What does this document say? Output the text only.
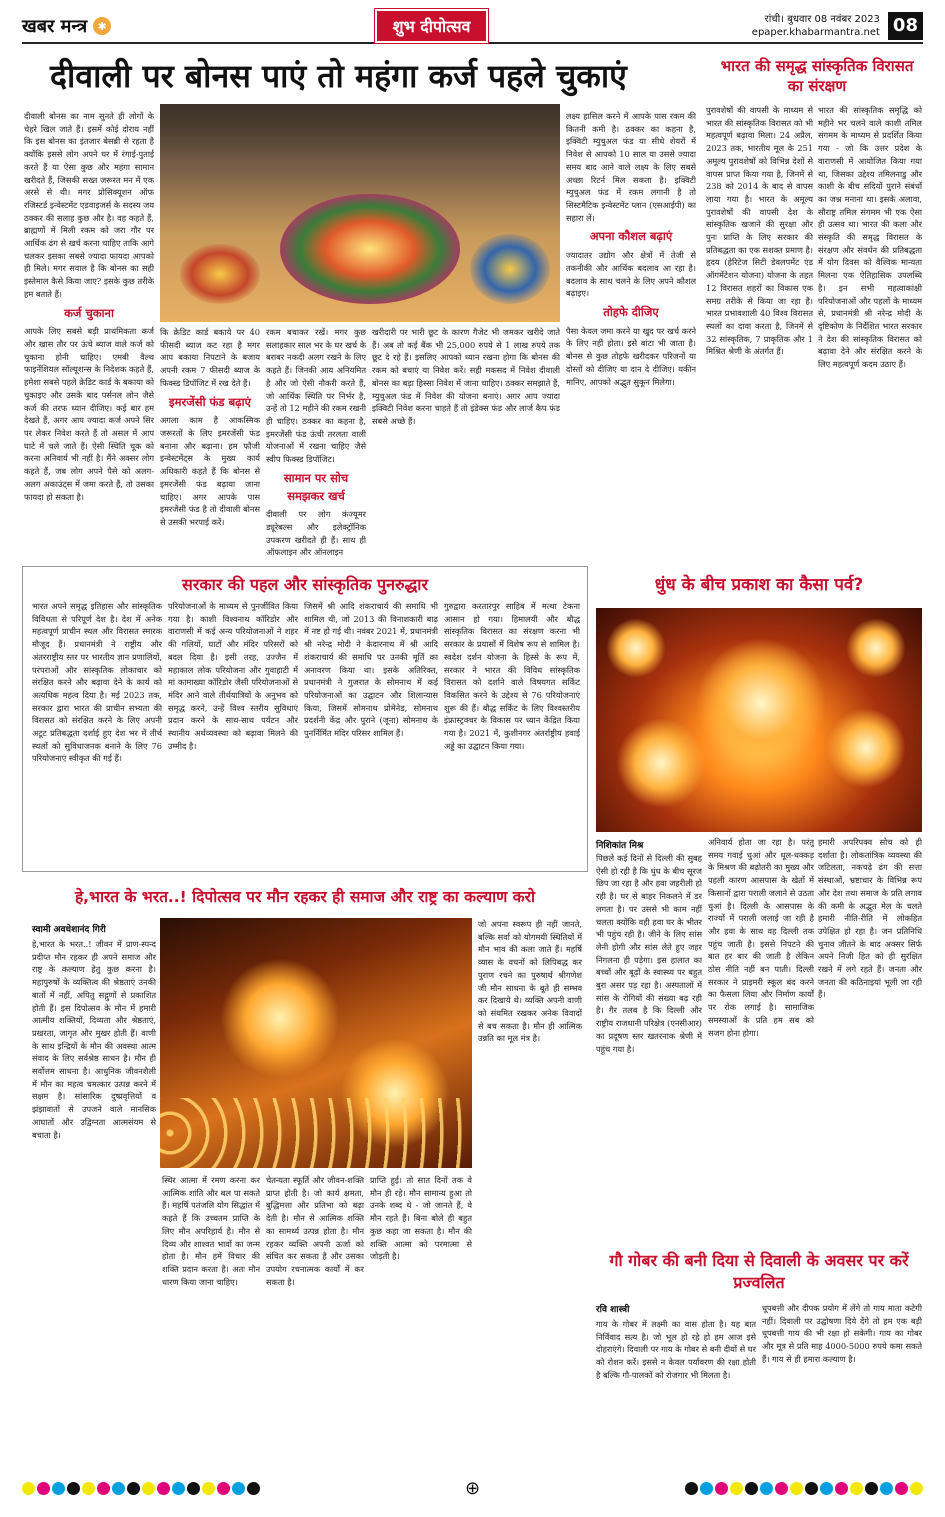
खबर मन्त्र ✱	शुभ दीपोत्सव	रांची। बुधवार 08 नवंबर 2023
epaper.khabarmantra.net 08
दीवाली पर बोनस पाएं तो महंगा कर्ज पहले चुकाएं

दीवाली बोनस का नाम सुनते ही लोगों के चेहरे खिल जाते हैं। इसमें कोई दोराय नहीं कि इस बोनस का इंतजार बेसब्री से रहता है क्योंकि इससे लोग अपने घर में रंगाई-पुताई करते हैं या ऐसा कुछ और महंगा सामान खरीदते हैं, जिसकी सख्त जरूरत मन में एक अरसे से थी। मगर प्रोसिक्यूशन ऑफ रजिस्टर्ड इन्वेस्टमेंट एडवाइजर्स के सदस्य जय ठक्कर की सलाह कुछ और है। वह कहते हैं, ब्राह्मणों में मिली रकम को जरा गौर पर आर्थिक ढंग से खर्च करना चाहिए ताकि आगे चलकर इसका सबसे ज्यादा फायदा आपको ही मिले। मगर सवाल है कि बोनस का सही इस्तेमाल कैसे किया जाए? इसके कुछ तरीके हम बताते हैं।

कर्ज चुकाना

आपके लिए सबसे बड़ी प्राथमिकता कर्ज और खास तौर पर ऊंचे ब्याज वाले कर्ज को चुकाना होनी चाहिए। एमबी वैल्थ फाइनेंशियल सॉल्यूशन्स के निदेशक कहते हैं, हमेशा सबसे पहले क्रेडिट कार्ड के बकाया को चुकाइए और उसके बाद पर्सनल लोन जैसे कर्ज की तरफ ध्यान दीजिए। कई बार हम देखते हैं, अगर आप ज्यादा कर्ज अपने सिर पर लेकर निवेश करते हैं तो असल में आप घाटे में चले जाते हैं। ऐसी स्थिति चूक को करना अनिवार्य भी नहीं है। मैंने अक्सर लोग कहते हैं, जब लोग अपने पैसे को अलग-अलग अकाउंट्स में जमा करते हैं, तो उसका फायदा हो सकता है।

कि क्रेडिट कार्ड बकाये पर 40 फीसदी ब्याज कट रहा है मगर आप बकाया निपटाने के बजाय अपनी रकम 7 फीसदी ब्याज के फिक्स्ड डिपॉजिट में रख देते हैं।

इमरजेंसी फंड बढ़ाएं

अगला काम है आकस्मिक जरूरतों के लिए इमरजेंसी फंड बनाना और बढ़ाना। हम फौजी इन्वेस्टमेंट्स के मुख्य कार्य अधिकारी कहते हैं कि बोनस से इमरजेंसी फंड बढ़ाया जाना चाहिए। अगर आपके पास इमरजेंसी फंड है तो दीवाली बोनस से उसकी भरपाई करें।

रकम बचाकर रखें। मगर कुछ सलाहकार साल भर के घर खर्च के बराबर नकदी अलग रखने के लिए कहते हैं। जिनकी आय अनियमित है और जो ऐसी नौकरी करते हैं, जो आर्थिक स्थिति पर निर्भर है, उन्हें तो 12 महीने की रकम रखनी ही चाहिए। ठक्कर का कहना है, इमरजेंसी फंड ऊंची तरलता वाली योजनाओं में रखना चाहिए जैसे स्वीप फिक्स्ड डिपॉजिट।

सामान पर सोच समझकर खर्च

दीवाली पर लोग कंज्यूमर ड्यूरेबल्स और इलेक्ट्रॉनिक उपकरण खरीदते ही हैं। साथ ही ऑफलाइन और ऑनलाइन

खरीदारी पर भारी छूट के कारण गैजेट भी जमकर खरीदे जाते हैं। अब तो कई बैंक भी 25,000 रुपये से 1 लाख रुपये तक छूट दे रहे हैं। इसलिए आपको ध्यान रखना होगा कि बोनस की रकम को बचाएं या निवेश करें। सही मकसद में निवेश दीवाली बोनस का बड़ा हिस्सा निवेश में जाना चाहिए। ठक्कर समझाते हैं, म्युचुअल फंड में निवेश की योजना बनाएं। अगर आप ज्यादा इक्विटी निवेश करना चाहते हैं तो इंडेक्स फंड और लार्ज कैप फंड सबसे अच्छे हैं।

लक्ष्य हासिल करने में आपके पास रकम की कितनी कमी है। ठक्कर का कहना है, इक्विटी म्युचुअल फंड या सीधे शेयरों में निवेश से आपको 10 साल या उससे ज्यादा समय बाद आने वाले लक्ष्य के लिए सबसे अच्छा रिटर्न मिल सकता है। इक्विटी म्युचुअल फंड में रकम लगानी है तो सिस्टमैटिक इन्वेस्टमेंट प्लान (एसआईपी) का सहारा लें।

अपना कौशल बढ़ाएं

ज्यादातर उद्योग और क्षेत्रों में तेजी से तकनीकी और आर्थिक बदलाव आ रहा है। बदलाव के साथ चलने के लिए अपने कौशल बढ़ाइए।

तोहफे दीजिए

पैसा केवल जमा करने या खुद पर खर्च करने के लिए नहीं होता। इसे बांटा भी जाता है। बोनस से कुछ तोहफे खरीदकर परिजनों या दोस्तों को दीजिए या दान दे दीजिए। यकीन मानिए, आपको अद्भुत सुकून मिलेगा।

भारत की समृद्ध सांस्कृतिक विरासत का संरक्षण

पुरावशेषों की वापसी के माध्यम से भारत की सांस्कृतिक विरासत को भी महत्वपूर्ण बढ़ावा मिला। 24 अप्रैल, 2023 तक, भारतीय मूल के 251 अमूल्य पुरावशेषों को विभिन्न देशों से वापस प्राप्त किया गया है, जिनमें से 238 को 2014 के बाद से वापस लाया गया है। भारत के अमूल्य पुरावशेषों की वापसी देश के सांस्कृतिक खजाने की सुरक्षा और पुनः प्राप्ति के लिए सरकार की प्रतिबद्धता का एक सशक्त प्रमाण है। हृदय (हेरिटेज सिटी डेवलपमेंट एंड ऑगमेंटेशन योजना) योजना के तहत 12 विरासत शहरों का विकास एक समग्र तरीके से किया जा रहा है। भारत प्रभावशाली 40 विश्व विरासत स्थलों का दावा करता है, जिनमें से 32 सांस्कृतिक, 7 प्राकृतिक और 1 मिश्रित श्रेणी के अंतर्गत हैं।

भारत की सांस्कृतिक समृद्धि को महीने भर चलने वाले काशी तमिल संगमम के माध्यम से प्रदर्शित किया गया - जो कि उत्तर प्रदेश के वाराणसी में आयोजित किया गया था, जिसका उद्देश्य तमिलनाडु और काशी के बीच सदियों पुराने संबंधों का जश्न मनाना था। इसके अलावा, सौराष्ट्र तमिल संगमम भी एक ऐसा ही उत्सव था। भारत की कला और संस्कृति की समृद्ध विरासत के संरक्षण और संवर्धन की प्रतिबद्धता में योग दिवस को वैश्विक मान्यता मिलना एक ऐतिहासिक उपलब्धि है। इन सभी महत्वाकांक्षी परियोजनाओं और पहलों के माध्यम से, प्रधानमंत्री श्री नरेन्द्र मोदी के दृष्टिकोण के निर्देशित भारत सरकार ने देश की सांस्कृतिक विरासत को बढ़ावा देने और संरक्षित करने के लिए महत्वपूर्ण कदम उठाए हैं।

सरकार की पहल और सांस्कृतिक पुनरुद्धार

भारत अपने समृद्ध इतिहास और सांस्कृतिक विविधता से परिपूर्ण देश है। देश में अनेक महत्वपूर्ण प्राचीन स्थल और विरासत स्मारक मौजूद हैं। प्रधानमंत्री ने राष्ट्रीय और अंतरराष्ट्रीय स्तर पर भारतीय ज्ञान प्रणालियों, परंपराओं और सांस्कृतिक लोकाचार को संरक्षित करने और बढ़ावा देने के कार्य को अत्यधिक महत्व दिया है। मई 2023 तक, सरकार द्वारा भारत की प्राचीन सभ्यता की विरासत को संरक्षित करने के लिए अपनी अटूट प्रतिबद्धता दर्शाई हुए देश भर में तीर्थ स्थलों को सुविधाजनक बनाने के लिए 76 परियोजनाएं स्वीकृत की गई हैं।

परियोजनाओं के माध्यम से पुनर्जीवित किया गया है। काशी विश्वनाथ कॉरिडोर और वाराणसी में कई अन्य परियोजनाओं ने शहर की गलियों, घाटों और मंदिर परिसरों को बदल दिया है। इसी तरह, उज्जैन में महाकाल लोक परियोजना और गुवाहाटी में मां कामाख्या कॉरिडोर जैसी परियोजनाओं से मंदिर आने वाले तीर्थयात्रियों के अनुभव को समृद्ध करने, उन्हें विश्व स्तरीय सुविधाएं प्रदान करने के साथ-साथ पर्यटन और स्थानीय अर्थव्यवस्था को बढ़ावा मिलने की उम्मीद है।

जिसमें श्री आदि शंकराचार्य की समाधि भी शामिल थी, जो 2013 की विनाशकारी बाढ़ में नष्ट हो गई थी। नवंबर 2021 में, प्रधानमंत्री श्री नरेन्द्र मोदी ने केदारनाथ में श्री आदि शंकराचार्य की समाधि पर उनकी मूर्ति का अनावरण किया था। इसके अतिरिक्त, प्रधानमंत्री ने गुजरात के सोमनाथ में कई परियोजनाओं का उद्घाटन और शिलान्यास किया, जिसमें सोमनाथ प्रोमेनेड, सोमनाथ प्रदर्शनी केंद्र और पुराने (जूना) सोमनाथ के पुनर्निर्मित मंदिर परिसर शामिल हैं।

गुरुद्वारा करतारपुर साहिब में मत्था टेकना आसान हो गया। हिमालयी और बौद्ध सांस्कृतिक विरासत का संरक्षण करना भी सरकार के प्रयासों में विशेष रूप से शामिल है। स्वदेश दर्शन योजना के हिस्से के रूप में, सरकार ने भारत की विविध सांस्कृतिक विरासत को दर्शाने वाले विषयगत सर्किट विकसित करने के उद्देश्य से 76 परियोजनाएं शुरू की हैं। बौद्ध सर्किट के लिए विश्वस्तरीय इंफ्रास्ट्रक्चर के विकास पर ध्यान केंद्रित किया गया है। 2021 में, कुशीनगर अंतर्राष्ट्रीय हवाई अड्डे का उद्घाटन किया गया।

धुंध के बीच प्रकाश का कैसा पर्व?
निशिकांत मिश्र

पिछले कई दिनों से दिल्ली की सुबह ऐसी हो रही है कि धुंध के बीच सूरज छिप जा रहा है और हवा जहरीली हो रही है। घर से बाहर निकलने में डर लगता है। पर उससे भी काम नहीं चलता क्योंकि वही हवा घर के भीतर भी पहुंच रही है। जीने के लिए सांस लेनी होगी और सांस लेते हुए जहर निगलना ही पड़ेगा। इस हालात का बच्चों और बूढ़ों के स्वास्थ्य पर बहुत बुरा असर पड़ रहा है। अस्पतालों में सांस के रोगियों की संख्या बढ़ रही है। गैर तलब है कि दिल्ली और राष्ट्रीय राजधानी परिक्षेत्र (एनसीआर) का प्रदूषण स्तर खतरनाक श्रेणी में पहुंच गया है।

अनिवार्य होता जा रहा है। परंतु समय गवाई धुआं और धूल-धक्कड़ के मिश्रण की बढ़ोतरी का मुख्य और पहली कारण आसपास के खेतों में किसानों द्वारा पराली जलाने से उठता धुआं है। दिल्ली के आसपास के राज्यों में पराली जलाई जा रही है और हवा के साथ वह दिल्ली तक पहुंच जाती है। इससे निपटने की बात हर बार की जाती है लेकिन ठोस नीति नहीं बन पाती। दिल्ली सरकार ने प्राइमरी स्कूल बंद करने का फैसला लिया और निर्माण कार्यों पर रोक लगाई है। सामाजिक समस्याओं के प्रति हम सब को सजग होना होगा।

हमारी अपरिपक्व सोच को ही दर्शाता है। लोकतांत्रिक व्यवस्था की जटिलता, नकचढ़े ढंग की सत्ता संस्थाओं, भ्रष्टाचार के विभिन्न रूप और देश तथा समाज के प्रति लगाव की कमी के अद्भुत मेल के चलते हमारी नीति-रीति में लोकहित उपेक्षित हो रहा है। जन प्रतिनिधि चुनाव जीतने के बाद अक्सर सिर्फ अपने निजी हित को ही सुरक्षित रखने में लगे रहते हैं। जनता और जनता की कठिनाइयां भूली जा रही हैं।

हे,भारत के भरत..! दिपोत्सव पर मौन रहकर ही समाज और राष्ट्र का कल्याण करो
स्वामी अवधेशानंद गिरी

हे,भारत के भरत..! जीवन में प्राण-स्पन्द प्रदीप्त मौन रहकर ही अपने समाज और राष्ट्र के कल्याण हेतु कुछ करना है। महापुरुषों के व्यक्तित्व की श्रेष्ठताएं उनकी बातों में नहीं, अपितु सद्गुणों से प्रकाशित होती हैं। इस दिपोत्सव के मौन में हमारी आत्मीय शक्तियों, दिव्यता और श्रेष्ठताएं, प्रखरता, जागृत और मुखर होती हैं। वाणी के साथ इन्द्रियों के मौन की अवस्था आत्म संवाद के लिए सर्वश्रेष्ठ साधन है। मौन ही सर्वोत्तम साधना है। आधुनिक जीवनशैली में मौन का महत्व चमत्कार उत्पन्न करने में सक्षम है। सांसारिक दुष्प्रवृत्तियों व झंझावातों से उपजने वाले मानसिक आघातों और उद्विग्नता आत्मसंयम से बचाता है।

स्थिर आत्मा में रमण करना कर आत्मिक शांति और बल पा सकते हैं। महर्षि पतंजलि योग सिद्धांत में कहते हैं कि उच्चतम प्राप्ति के लिए मौन अपरिहार्य है। मौन से दिव्य और शाश्वत भावों का जन्म होता है। मौन हमें विचार की शक्ति प्रदान करता है। अतः मौन धारण किया जाना चाहिए।

चेतन्यता स्फूर्ति और जीवन-शक्ति प्राप्त होती है। जो कार्य क्षमता, बुद्धिमत्ता और प्रतिभा को बढ़ा देती है। मौन से आत्मिक शक्ति का सामर्थ्य उत्पन्न होता है। मौन रहकर व्यक्ति अपनी ऊर्जा को संचित कर सकता है और उसका उपयोग रचनात्मक कार्यों में कर सकता है।

प्राप्ति हुई। तो सात दिनों तक वे मौन ही रहे। मौन सामान्य हुआ तो उनके शब्द थे - जो जानते हैं, वे मौन रहते हैं। बिना बोले ही बहुत कुछ कहा जा सकता है। मौन की शक्ति आत्मा को परमात्मा से जोड़ती है।

जो अपना स्वरूप ही नहीं जानते, बल्कि सर्वा को योगमयी स्थितियों में मौन भाव की कला जाते हैं। महर्षि व्यास के वचनों को लिपिबद्ध कर पुराण रचने का पुरुषार्थ श्रीगणेश जी मौन साधना के बूते ही सम्भव कर दिखाये थे। व्यक्ति अपनी वाणी को संयमित रखकर अनेक विवादों से बच सकता है। मौन ही आत्मिक उन्नति का मूल मंत्र है।

गौ गोबर की बनी दिया से दिवाली के अवसर पर करें प्रज्वलित
रवि शास्त्री

गाय के गोबर में लक्ष्मी का वास होता है। यह बात निर्विवाद सत्य है। जो भूल हो रहे हो हम आज इसे दोहराएंगे। दिवाली पर गाय के गोबर से बनी दीयों से घर को रोशन करें। इससे न केवल पर्यावरण की रक्षा होती है बल्कि गौ-पालकों को रोजगार भी मिलता है।

धूपबत्ती और दीपक प्रयोग में लेंगे तो गाय माता कटेगी नहीं। दिवाली पर उद्घोषणा दिये देंगे तो हम एक बड़ी धूपबत्ती गाय की भी रक्षा हो सकेगी। गाय का गोबर और मूत्र से प्रति माह 4000-5000 रुपये कमा सकते हैं। गाय से ही हमारा कल्याण है।

⊕
